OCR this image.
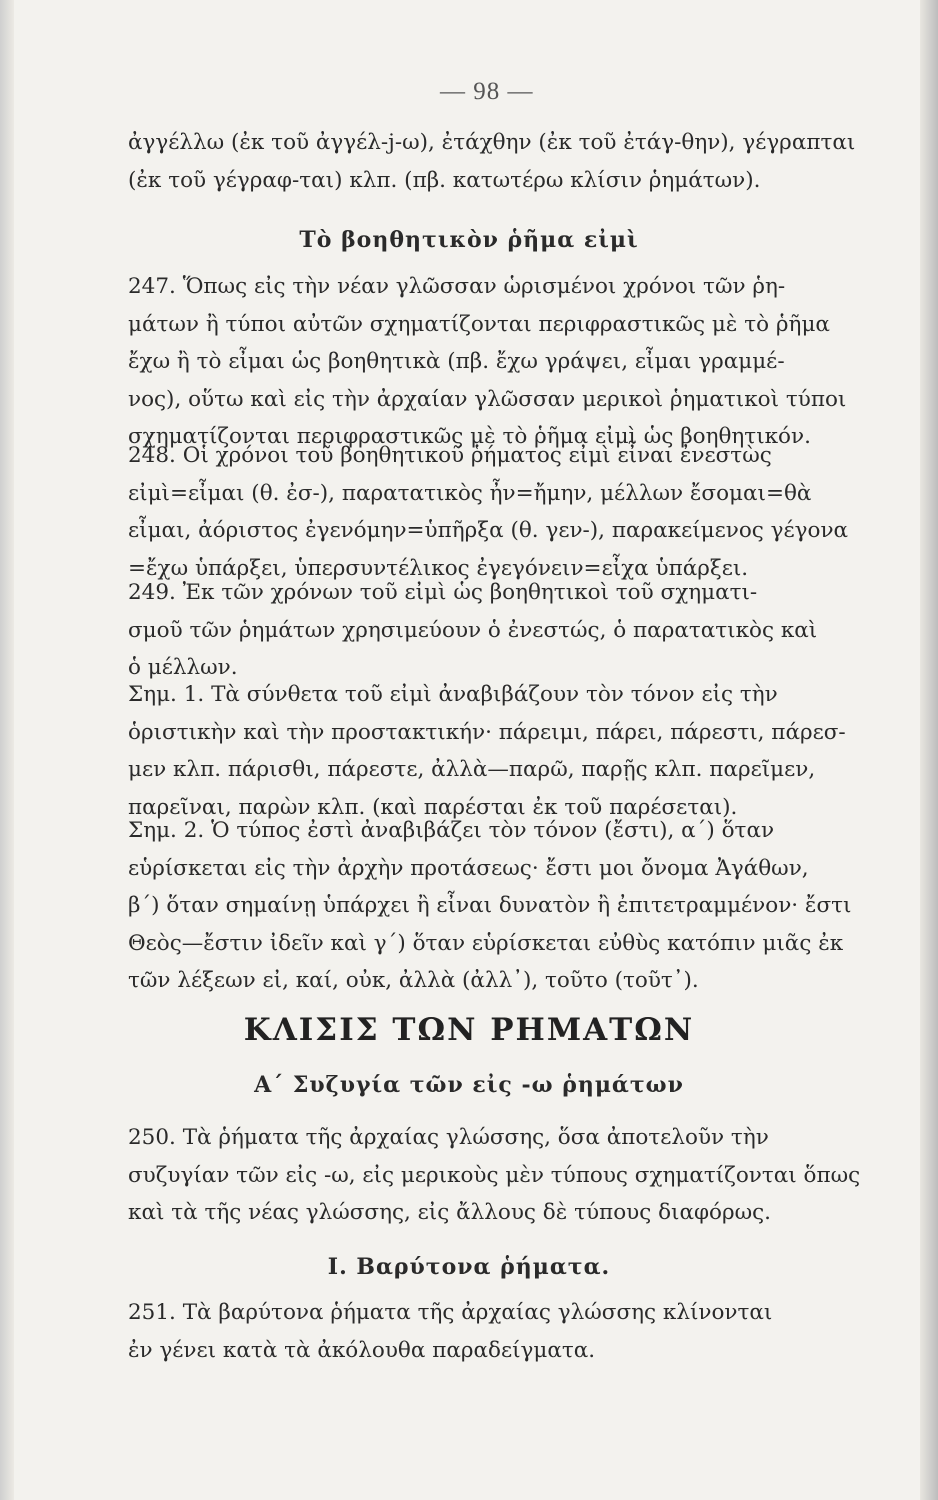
— 98 —

ἀγγέλλω (ἐκ τοῦ ἀγγέλ-j-ω), ἐτάχθην (ἐκ τοῦ ἐτάγ-θην), γέγραπται

(ἐκ τοῦ γέγραφ-ται) κλπ. (πβ. κατωτέρω κλίσιν ῥημάτων).

Τὸ βοηθητικὸν ῥῆμα εἰμὶ

247. Ὅπως εἰς τὴν νέαν γλῶσσαν ὡρισμένοι χρόνοι τῶν ῥη-

μάτων ἢ τύποι αὐτῶν σχηματίζονται περιφραστικῶς μὲ τὸ ῥῆμα

ἔχω ἢ τὸ εἶμαι ὡς βοηθητικὰ (πβ. ἔχω γράψει, εἶμαι γραμμέ-

νος), οὕτω καὶ εἰς τὴν ἀρχαίαν γλῶσσαν μερικοὶ ῥηματικοὶ τύποι

σχηματίζονται περιφραστικῶς μὲ τὸ ῥῆμα εἰμὶ ὡς βοηθητικόν.

248. Οἱ χρόνοι τοῦ βοηθητικοῦ ῥήματος εἰμὶ εἶναι ἐνεστὼς

εἰμὶ=εἶμαι (θ. ἐσ-), παρατατικὸς ἦν=ἤμην, μέλλων ἔσομαι=θὰ

εἶμαι, ἀόριστος ἐγενόμην=ὑπῆρξα (θ. γεν-), παρακείμενος γέγονα

=ἔχω ὑπάρξει, ὑπερσυντέλικος ἐγεγόνειν=εἶχα ὑπάρξει.

249. Ἐκ τῶν χρόνων τοῦ εἰμὶ ὡς βοηθητικοὶ τοῦ σχηματι-

σμοῦ τῶν ῥημάτων χρησιμεύουν ὁ ἐνεστώς, ὁ παρατατικὸς καὶ

ὁ μέλλων.

Σημ. 1. Τὰ σύνθετα τοῦ εἰμὶ ἀναβιβάζουν τὸν τόνον εἰς τὴν

ὁριστικὴν καὶ τὴν προστακτικήν· πάρειμι, πάρει, πάρεστι, πάρεσ-

μεν κλπ. πάρισθι, πάρεστε, ἀλλὰ—παρῶ, παρῇς κλπ. παρεῖμεν,

παρεῖναι, παρὼν κλπ. (καὶ παρέσται ἐκ τοῦ παρέσεται).

Σημ. 2. Ὁ τύπος ἐστὶ ἀναβιβάζει τὸν τόνον (ἔστι), α΄) ὅταν

εὑρίσκεται εἰς τὴν ἀρχὴν προτάσεως· ἔστι μοι ὄνομα Ἀγάθων,

β΄) ὅταν σημαίνῃ ὑπάρχει ἢ εἶναι δυνατὸν ἢ ἐπιτετραμμένον· ἔστι

Θεὸς—ἔστιν ἰδεῖν καὶ γ΄) ὅταν εὑρίσκεται εὐθὺς κατόπιν μιᾶς ἐκ

τῶν λέξεων εἰ, καί, οὐκ, ἀλλὰ (ἀλλ᾽), τοῦτο (τοῦτ᾽).

ΚΛΙΣΙΣ ΤΩΝ ΡΗΜΑΤΩΝ
Α΄ Συζυγία τῶν εἰς -ω ῥημάτων

250. Τὰ ῥήματα τῆς ἀρχαίας γλώσσης, ὅσα ἀποτελοῦν τὴν

συζυγίαν τῶν εἰς -ω, εἰς μερικοὺς μὲν τύπους σχηματίζονται ὅπως

καὶ τὰ τῆς νέας γλώσσης, εἰς ἄλλους δὲ τύπους διαφόρως.

I. Βαρύτονα ῥήματα.

251. Τὰ βαρύτονα ῥήματα τῆς ἀρχαίας γλώσσης κλίνονται

ἐν γένει κατὰ τὰ ἀκόλουθα παραδείγματα.
